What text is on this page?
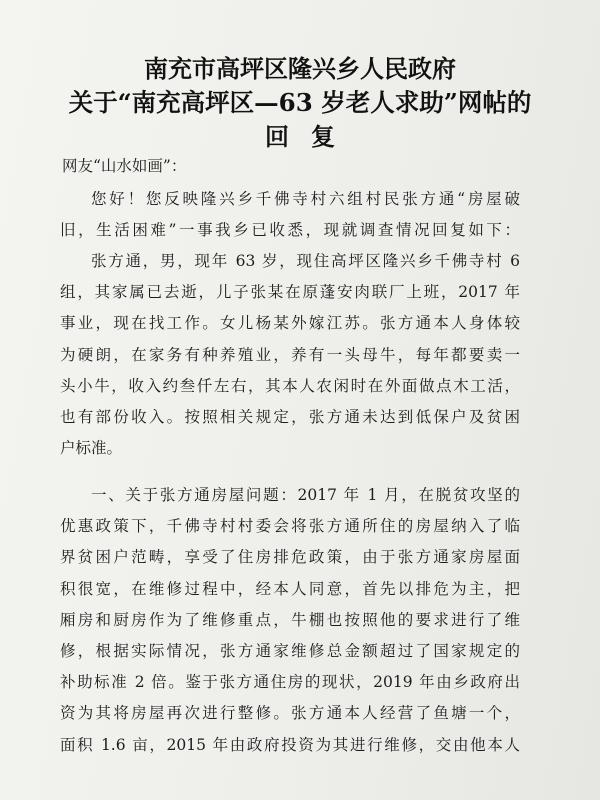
南充市高坪区隆兴乡人民政府
关于“南充高坪区—63 岁老人求助”网帖的
回复
网友“山水如画”：
您好！您反映隆兴乡千佛寺村六组村民张方通“房屋破
旧，生活困难”一事我乡已收悉，现就调查情况回复如下：
张方通，男，现年 63 岁，现住高坪区隆兴乡千佛寺村 6
组，其家属已去逝，儿子张某在原蓬安肉联厂上班，2017 年
事业，现在找工作。女儿杨某外嫁江苏。张方通本人身体较
为硬朗，在家务有种养殖业，养有一头母牛，每年都要卖一
头小牛，收入约叁仟左右，其本人农闲时在外面做点木工活，
也有部份收入。按照相关规定，张方通未达到低保户及贫困
户标准。
一、关于张方通房屋问题：2017 年 1 月，在脱贫攻坚的
优惠政策下，千佛寺村村委会将张方通所住的房屋纳入了临
界贫困户范畴，享受了住房排危政策，由于张方通家房屋面
积很宽，在维修过程中，经本人同意，首先以排危为主，把
厢房和厨房作为了维修重点，牛棚也按照他的要求进行了维
修，根据实际情况，张方通家维修总金额超过了国家规定的
补助标准 2 倍。鉴于张方通住房的现状，2019 年由乡政府出
资为其将房屋再次进行整修。张方通本人经营了鱼塘一个，
面积 1.6 亩，2015 年由政府投资为其进行维修，交由他本人
